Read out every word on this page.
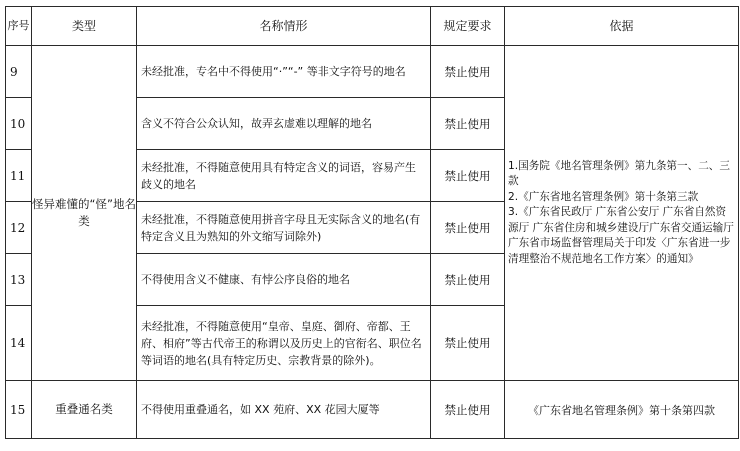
序号	类型	名称情形	规定要求	依据
9	怪异难懂的“怪”地名类	未经批准，专名中不得使用“·”“-” 等非文字符号的地名	禁止使用	1.国务院《地名管理条例》第九条第一、二、三款
2.《广东省地名管理条例》第十条第三款
3.《广东省民政厅 广东省公安厅 广东省自然资源厅 广东省住房和城乡建设厅广东省交通运输厅 广东省市场监督管理局关于印发〈广东省进一步清理整治不规范地名工作方案〉的通知》

10		含义不符合公众认知，故弄玄虚难以理解的地名	禁止使用	
11		未经批准，不得随意使用具有特定含义的词语，容易产生歧义的地名	禁止使用	
12		未经批准，不得随意使用拼音字母且无实际含义的地名(有特定含义且为熟知的外文缩写词除外)	禁止使用	
13		不得使用含义不健康、有悖公序良俗的地名	禁止使用	
14		未经批准，不得随意使用“皇帝、皇庭、御府、帝都、王府、相府”等古代帝王的称谓以及历史上的官衔名、职位名等词语的地名(具有特定历史、宗教背景的除外)。	禁止使用	
15	重叠通名类	不得使用重叠通名，如 XX 苑府、XX 花园大厦等	禁止使用	《广东省地名管理条例》第十条第四款
